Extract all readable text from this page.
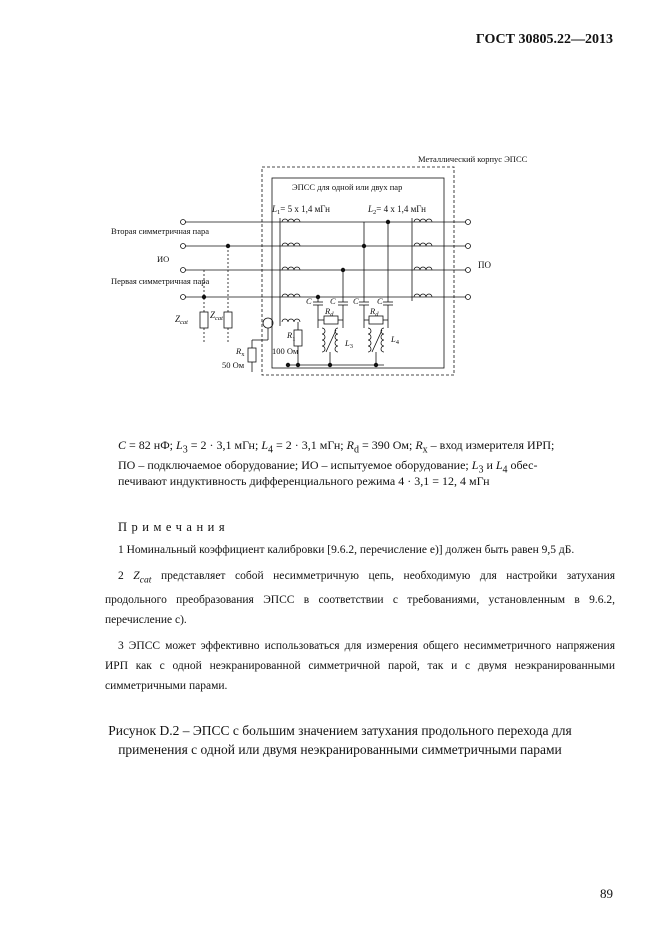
ГОСТ 30805.22—2013
Металлический корпус ЭПСС
ЭПСС для одной или двух пар
$L_1= 5$ х 1,4 мГн	$L_2= 4$ х 1,4 мГн
Вторая симметричная пара
ИО
Первая симметричная пара
ПО
$Z_{cat}$
$Z_{cat}$
C C C C
$R_d$	$R_d$
$R_1$
100 Ом
$L_3$
$L_4$
$R_x$
50 Ом
C = 82 нФ; $L_3 = 2 \cdot 3,1$ мГн; $L_4 = 2 \cdot 3,1$ мГн; $R_d = 390$ Ом; $R_x$ – вход измерителя ИРП;
ПО – подключаемое оборудование; ИО – испытуемое оборудование; $L_3$ и $L_4$ обес-
печивают индуктивность дифференциального режима 4 · 3,1 = 12, 4 мГн
Примечания

1 Номинальный коэффициент калибровки [9.6.2, перечисление е)] должен быть равен 9,5 дБ.

2 $Z_{cat}$ представляет собой несимметричную цепь, необходимую для настройки затухания продольного преобразования ЭПСС в соответствии с требованиями, установленным в 9.6.2, перечисление с).

3 ЭПСС может эффективно использоваться для измерения общего несимметричного напряжения ИРП как с одной неэкранированной симметричной парой, так и с двумя неэкранированными симметричными парами.

Рисунок D.2 – ЭПСС с большим значением затухания продольного перехода для
применения с одной или двумя неэкранированными симметричными парами
89
